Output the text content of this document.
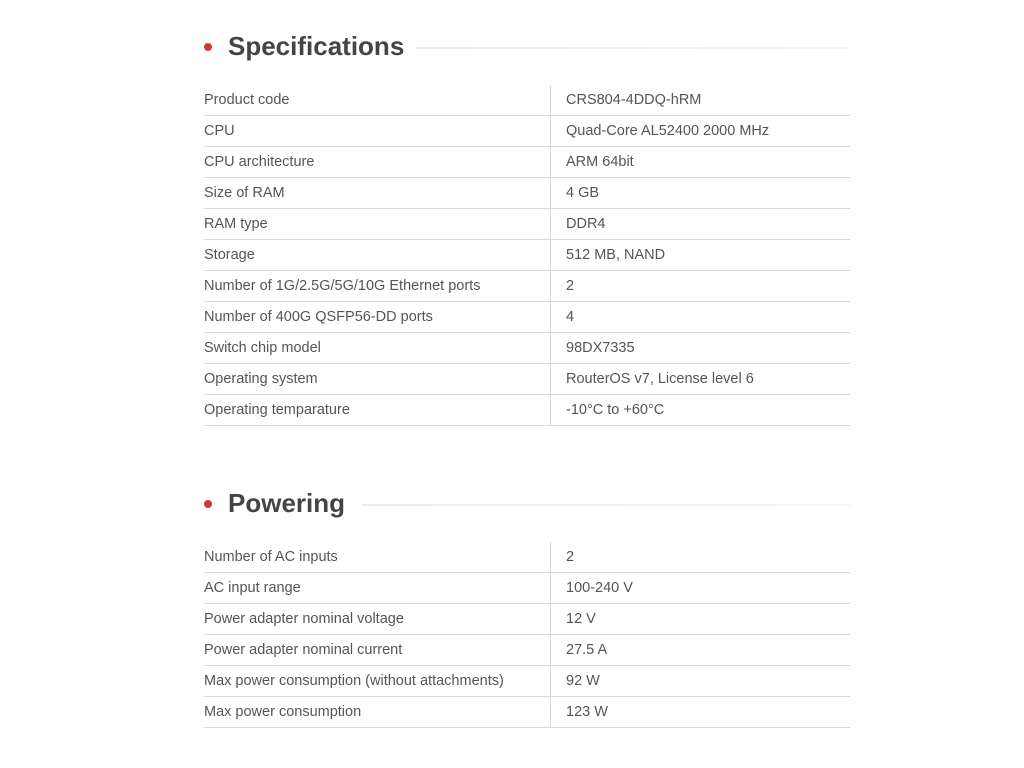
Specifications
Product code	CRS804-4DDQ-hRM
CPU	Quad-Core AL52400 2000 MHz
CPU architecture	ARM 64bit
Size of RAM	4 GB
RAM type	DDR4
Storage	512 MB, NAND
Number of 1G/2.5G/5G/10G Ethernet ports	2
Number of 400G QSFP56-DD ports	4
Switch chip model	98DX7335
Operating system	RouterOS v7, License level 6
Operating temparature	-10°C to +60°C
Powering
Number of AC inputs	2
AC input range	100-240 V
Power adapter nominal voltage	12 V
Power adapter nominal current	27.5 A
Max power consumption (without attachments)	92 W
Max power consumption	123 W
